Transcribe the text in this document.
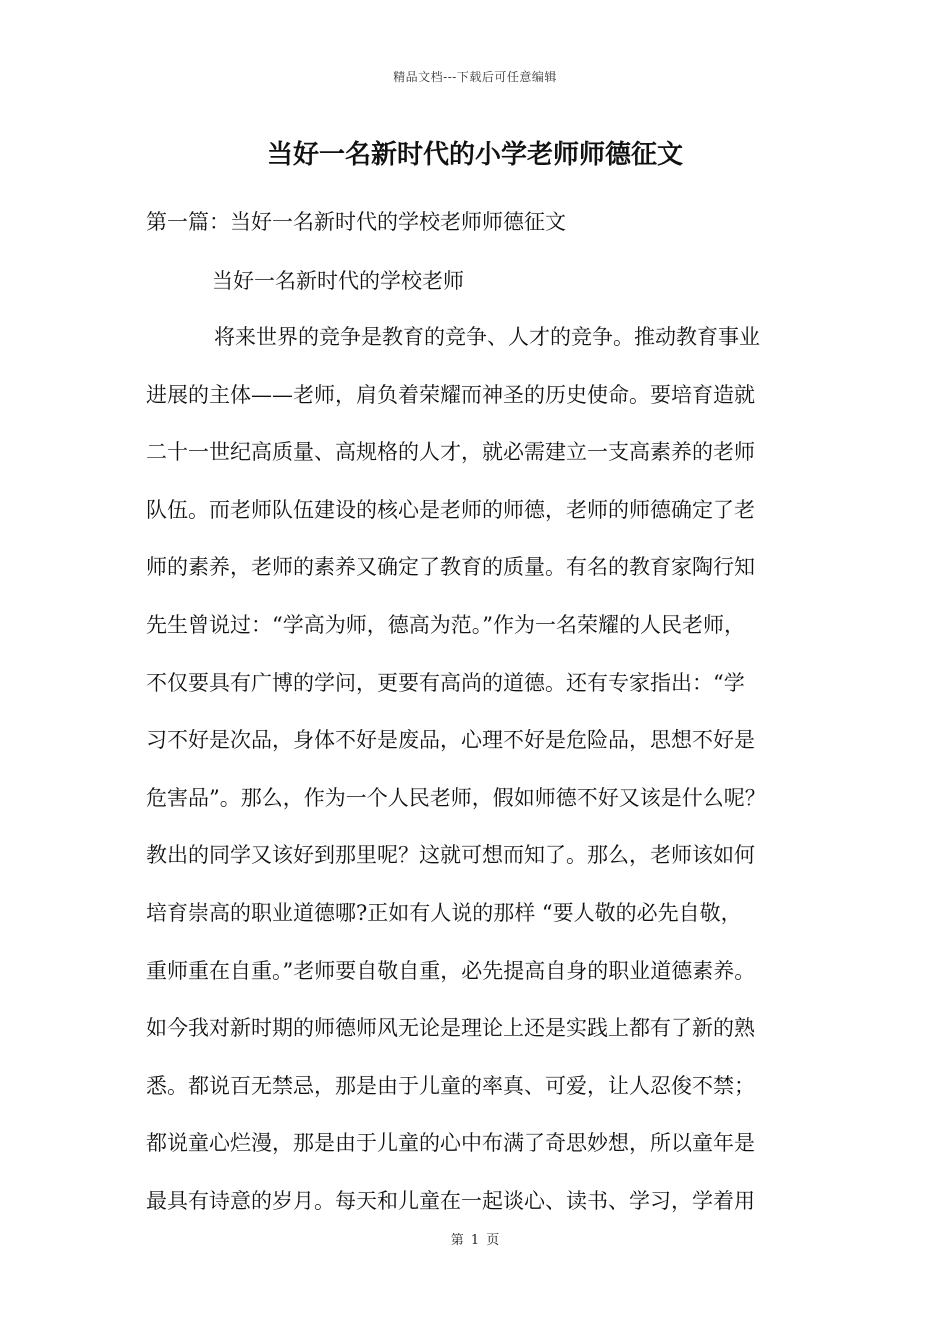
精品文档---下载后可任意编辑
当好一名新时代的小学老师师德征文
第一篇：当好一名新时代的学校老师师德征文
当好一名新时代的学校老师
将来世界的竞争是教育的竞争、人才的竞争。推动教育事业
进展的主体——老师，肩负着荣耀而神圣的历史使命。要培育造就
二十一世纪高质量、高规格的人才，就必需建立一支高素养的老师
队伍。而老师队伍建设的核心是老师的师德，老师的师德确定了老
师的素养，老师的素养又确定了教育的质量。有名的教育家陶行知
先生曾说过：“学高为师，德高为范。”作为一名荣耀的人民老师，
不仅要具有广博的学问，更要有高尚的道德。还有专家指出：“学
习不好是次品，身体不好是废品，心理不好是危险品，思想不好是
危害品”。那么，作为一个人民老师，假如师德不好又该是什么呢？
教出的同学又该好到那里呢？这就可想而知了。那么，老师该如何
培育崇高的职业道德哪?正如有人说的那样 “要人敬的必先自敬，
重师重在自重。”老师要自敬自重，必先提高自身的职业道德素养。
如今我对新时期的师德师风无论是理论上还是实践上都有了新的熟
悉。都说百无禁忌，那是由于儿童的率真、可爱，让人忍俊不禁；
都说童心烂漫，那是由于儿童的心中布满了奇思妙想，所以童年是
最具有诗意的岁月。每天和儿童在一起谈心、读书、学习，学着用
第 1 页
